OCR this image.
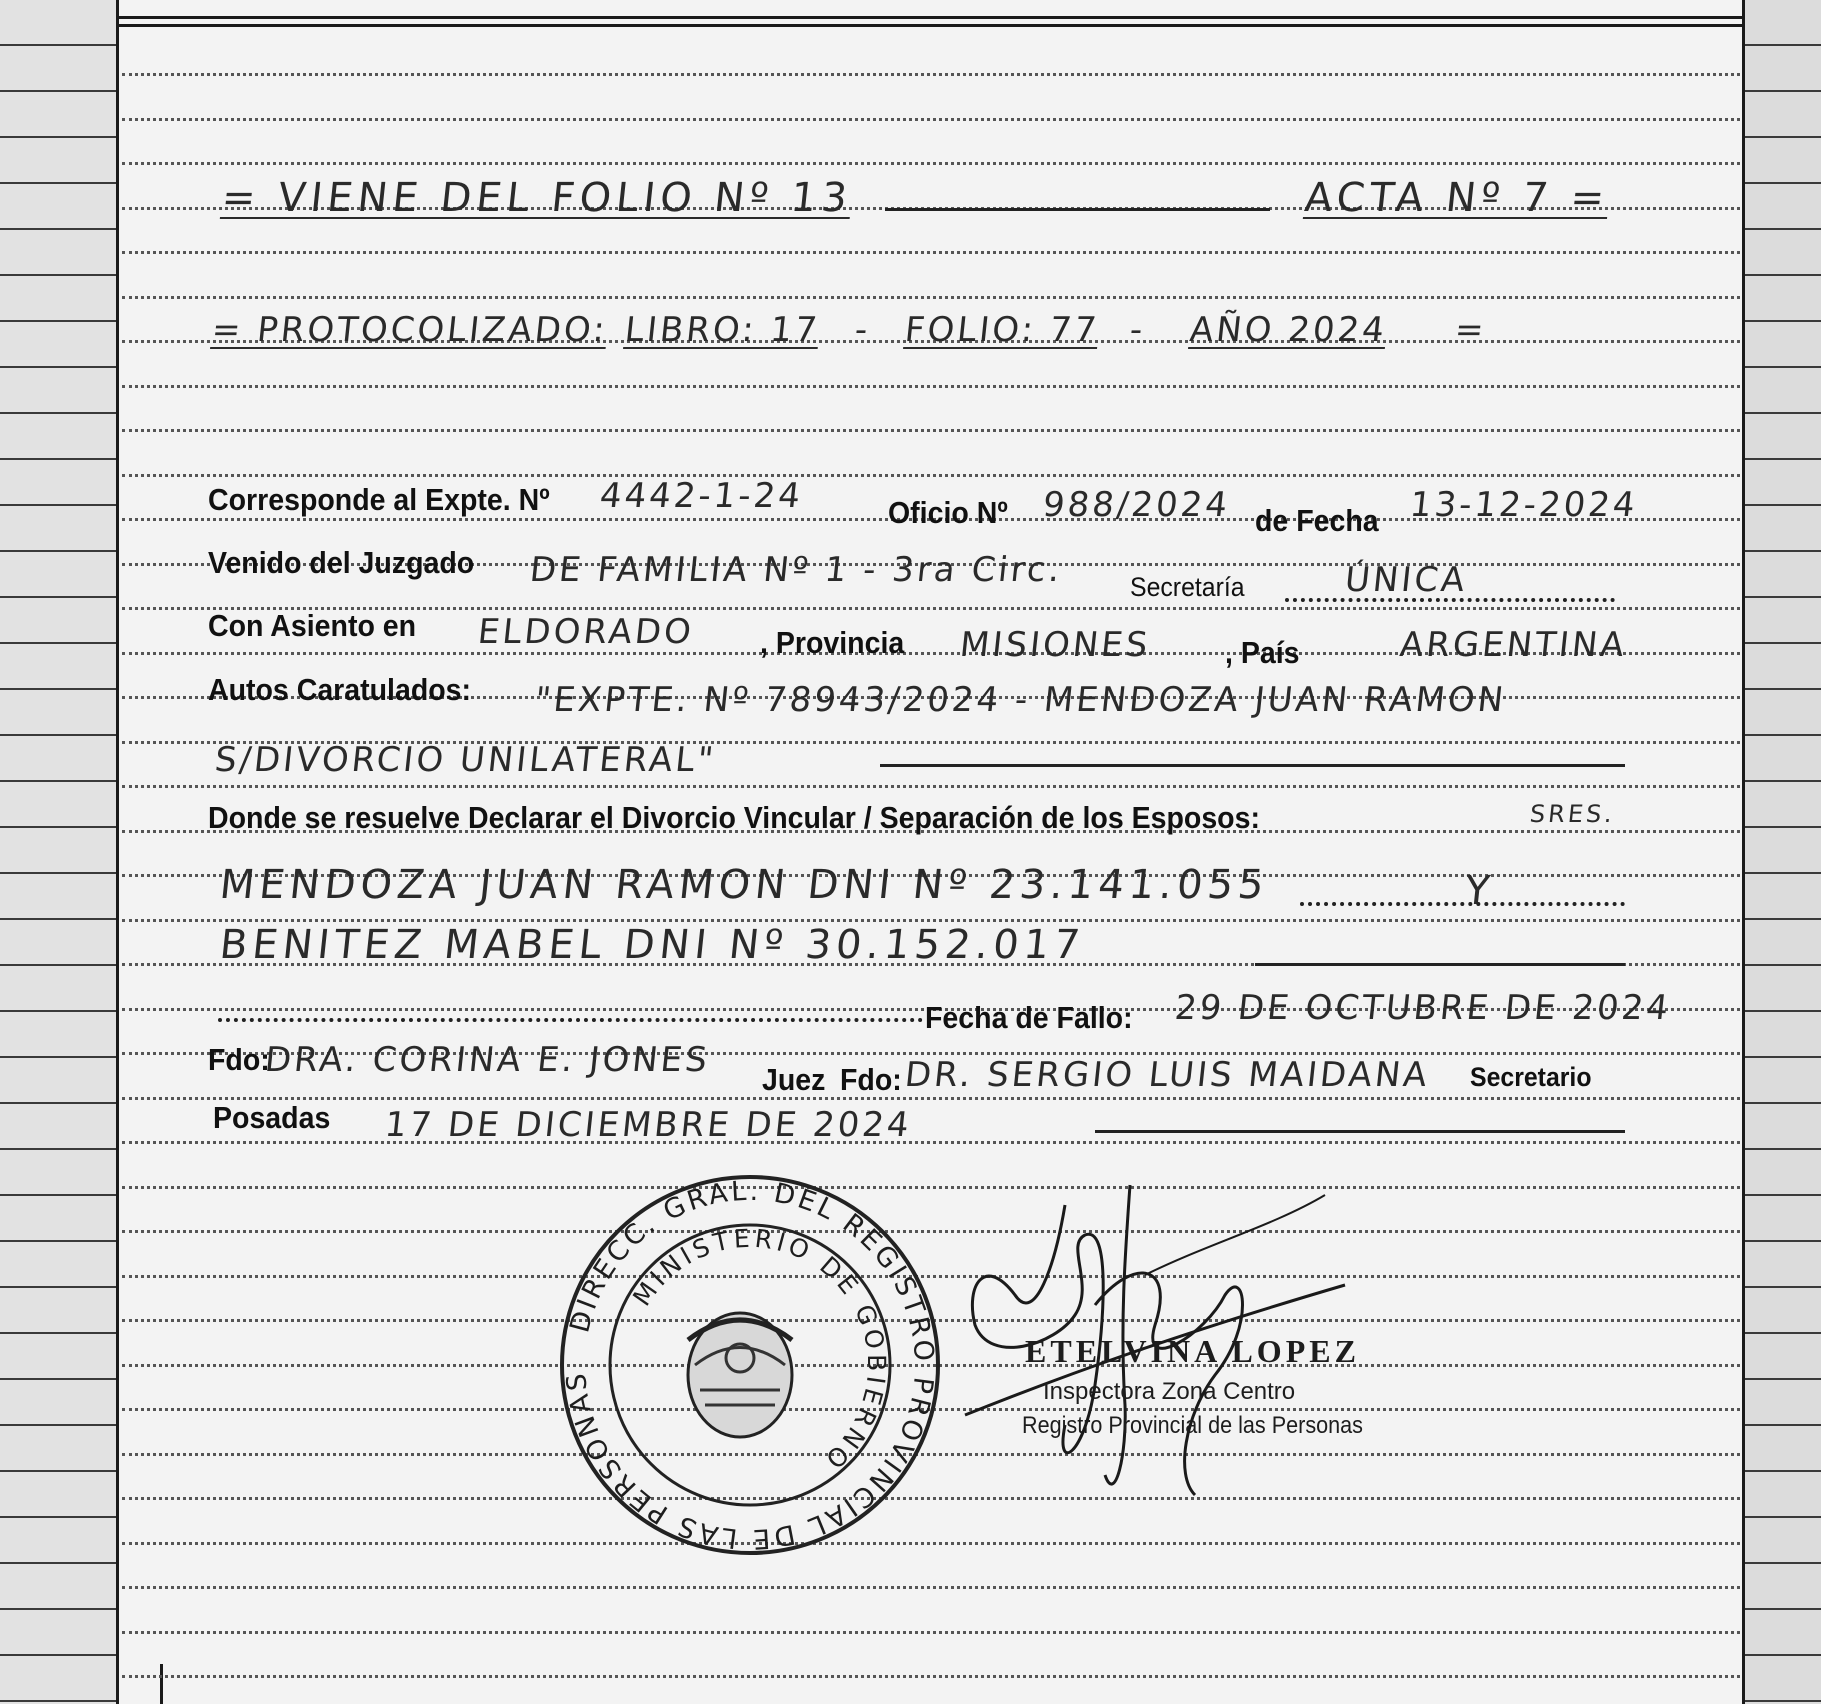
= VIENE DEL FOLIO Nº 13	ACTA Nº 7 =
= PROTOCOLIZADO: LIBRO: 17 - FOLIO: 77 - AÑO 2024 =
Corresponde al Expte. Nº 4442-1-24	Oficio Nº 988/2024 de Fecha 13-12-2024
Venido del Juzgado DE FAMILIA Nº 1 - 3ra Circ. Secretaría	ÚNICA
Con Asiento en ELDORADO , Provincia MISIONES , País	ARGENTINA
Autos Caratulados: "EXPTE. Nº 78943/2024 - MENDOZA JUAN RAMON
S/DIVORCIO UNILATERAL"
Donde se resuelve Declarar el Divorcio Vincular / Separación de los Esposos:	SRES.
MENDOZA JUAN RAMON DNI Nº 23.141.055	Y
BENITEZ MABEL DNI Nº 30.152.017
Fecha de Fallo: 29 DE OCTUBRE DE 2024
Fdo:
DRA. CORINA E. JONES Juez Fdo: DR. SERGIO LUIS MAIDANA Secretario
Posadas 17 DE DICIEMBRE DE 2024
DIRECC. GRAL. DEL REGISTRO PROVINCIAL DE LAS PERSONAS
MINISTERIO DE GOBIERNO
ETELVINA LOPEZ
Inspectora Zona Centro
Registro Provincial de las Personas
